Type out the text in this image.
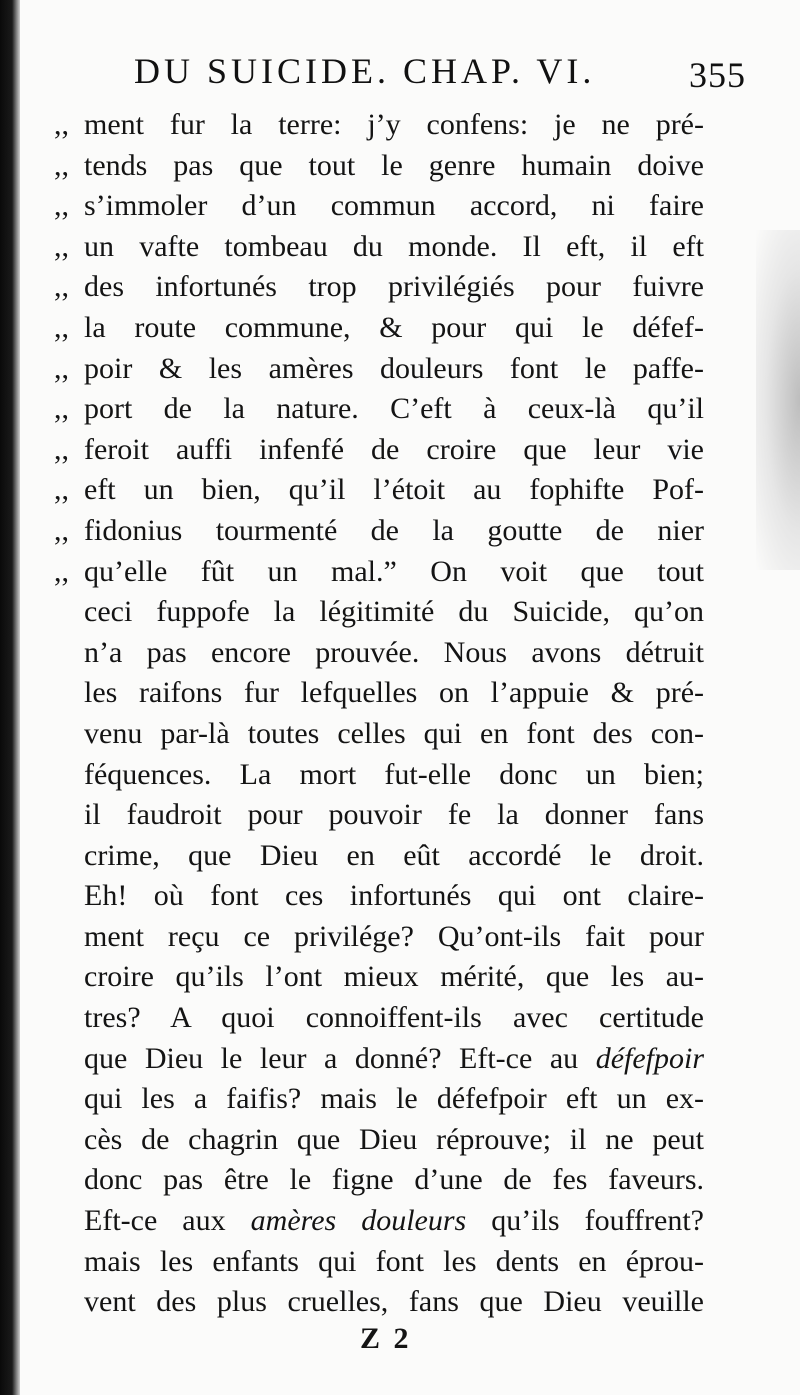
DU SUICIDE. CHAP. VI.	355
,, ment fur la terre: j’y confens: je ne pré-
,, tends pas que tout le genre humain doive
,, s’immoler d’un commun accord, ni faire
,, un vafte tombeau du monde. Il eft, il eft
,, des infortunés trop privilégiés pour fuivre
,, la route commune, & pour qui le défef-
,, poir & les amères douleurs font le paffe-
,, port de la nature. C’eft à ceux-là qu’il
,, feroit auffi infenfé de croire que leur vie
,, eft un bien, qu’il l’étoit au fophifte Pof-
,, fidonius tourmenté de la goutte de nier
,, qu’elle fût un mal.” On voit que tout
ceci fuppofe la légitimité du Suicide, qu’on
n’a pas encore prouvée. Nous avons détruit
les raifons fur lefquelles on l’appuie & pré-
venu par-là toutes celles qui en font des con-
féquences. La mort fut-elle donc un bien;
il faudroit pour pouvoir fe la donner fans
crime, que Dieu en eût accordé le droit.
Eh! où font ces infortunés qui ont claire-
ment reçu ce privilége? Qu’ont-ils fait pour
croire qu’ils l’ont mieux mérité, que les au-
tres? A quoi connoiffent-ils avec certitude
que Dieu le leur a donné? Eft-ce au défefpoir
qui les a faifis? mais le défefpoir eft un ex-
cès de chagrin que Dieu réprouve; il ne peut
donc pas être le figne d’une de fes faveurs.
Eft-ce aux amères douleurs qu’ils fouffrent?
mais les enfants qui font les dents en éprou-
vent des plus cruelles, fans que Dieu veuille
Z 2
